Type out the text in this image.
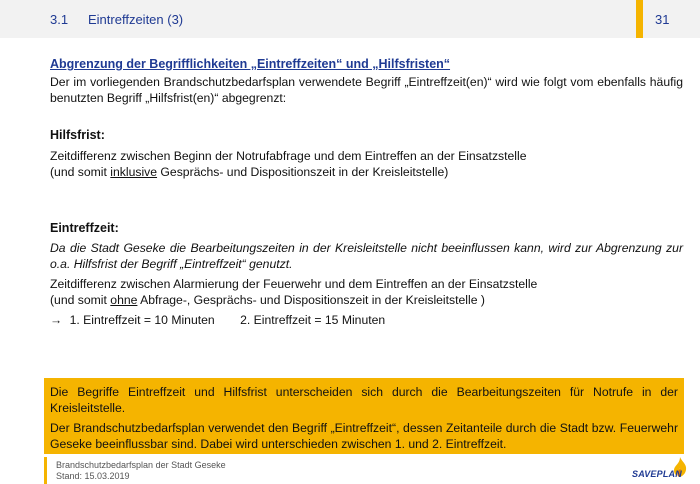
3.1 Eintreffzeiten (3)	31
Abgrenzung der Begrifflichkeiten „Eintreffzeiten“ und „Hilfsfristen“
Der im vorliegenden Brandschutzbedarfsplan verwendete Begriff „Eintreffzeit(en)“ wird wie folgt vom ebenfalls häufig benutzten Begriff „Hilfsfrist(en)“ abgegrenzt:
Hilfsfrist:
Zeitdifferenz zwischen Beginn der Notrufabfrage und dem Eintreffen an der Einsatzstelle
(und somit inklusive Gesprächs- und Dispositionszeit in der Kreisleitstelle)
Eintreffzeit:
Da die Stadt Geseke die Bearbeitungszeiten in der Kreisleitstelle nicht beeinflussen kann, wird zur Abgrenzung zur o.a. Hilfsfrist der Begriff „Eintreffzeit“ genutzt.
Zeitdifferenz zwischen Alarmierung der Feuerwehr und dem Eintreffen an der Einsatzstelle
(und somit ohne Abfrage-, Gesprächs- und Dispositionszeit in der Kreisleitstelle )
→ 1. Eintreffzeit = 10 Minuten 2. Eintreffzeit = 15 Minuten

Die Begriffe Eintreffzeit und Hilfsfrist unterscheiden sich durch die Bearbeitungszeiten für Notrufe in der Kreisleitstelle.

Der Brandschutzbedarfsplan verwendet den Begriff „Eintreffzeit“, dessen Zeitanteile durch die Stadt bzw. Feuerwehr Geseke beeinflussbar sind. Dabei wird unterschieden zwischen 1. und 2. Eintreffzeit.

Brandschutzbedarfsplan der Stadt Geseke
Stand: 15.03.2019	SAVEPLAN
